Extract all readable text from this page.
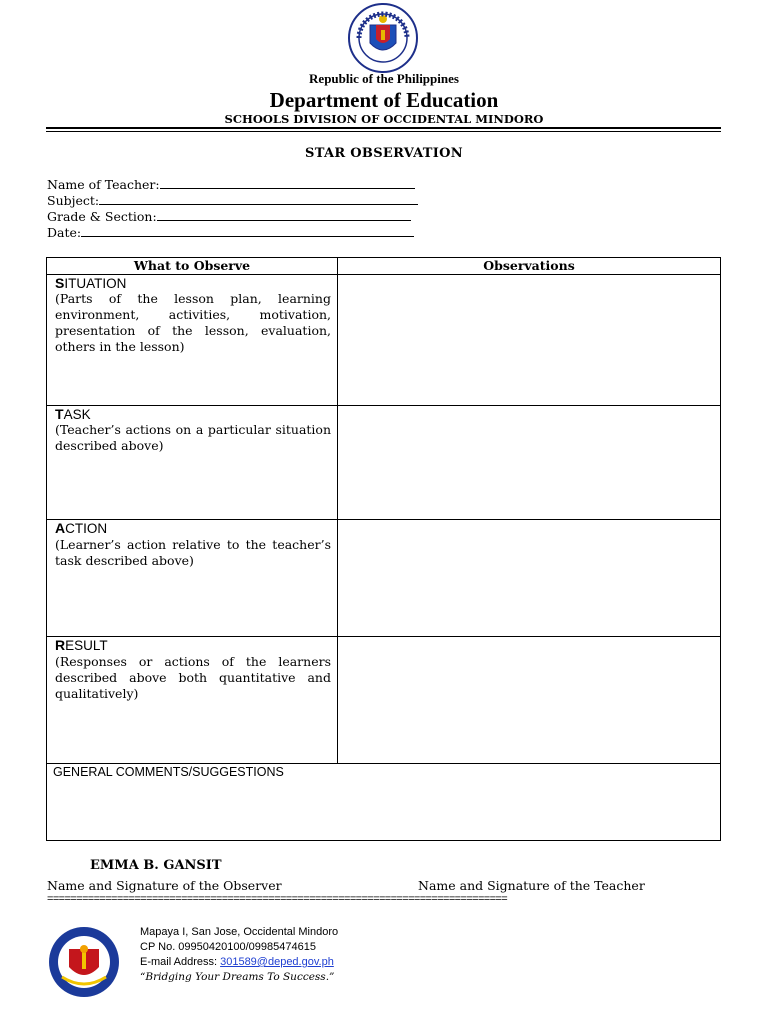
Republic of the Philippines
Department of Education
SCHOOLS DIVISION OF OCCIDENTAL MINDORO
STAR OBSERVATION
Name of Teacher:
Subject:
Grade & Section:
Date:
What to Observe	Observations
SITUATION
(Parts of the lesson plan, learning environment, activities, motivation, presentation of the lesson, evaluation, others in the lesson)
TASK
(Teacher’s actions on a particular situation described above)
ACTION
(Learner’s action relative to the teacher’s task described above)
RESULT
(Responses or actions of the learners described above both quantitative and qualitatively)
GENERAL COMMENTS/SUGGESTIONS
EMMA B. GANSIT
Name and Signature of the Observer	Name and Signature of the Teacher
===============================================================================
Mapaya I, San Jose, Occidental Mindoro
CP No. 09950420100/09985474615
E-mail Address: 301589@deped.gov.ph
“Bridging Your Dreams To Success.”
